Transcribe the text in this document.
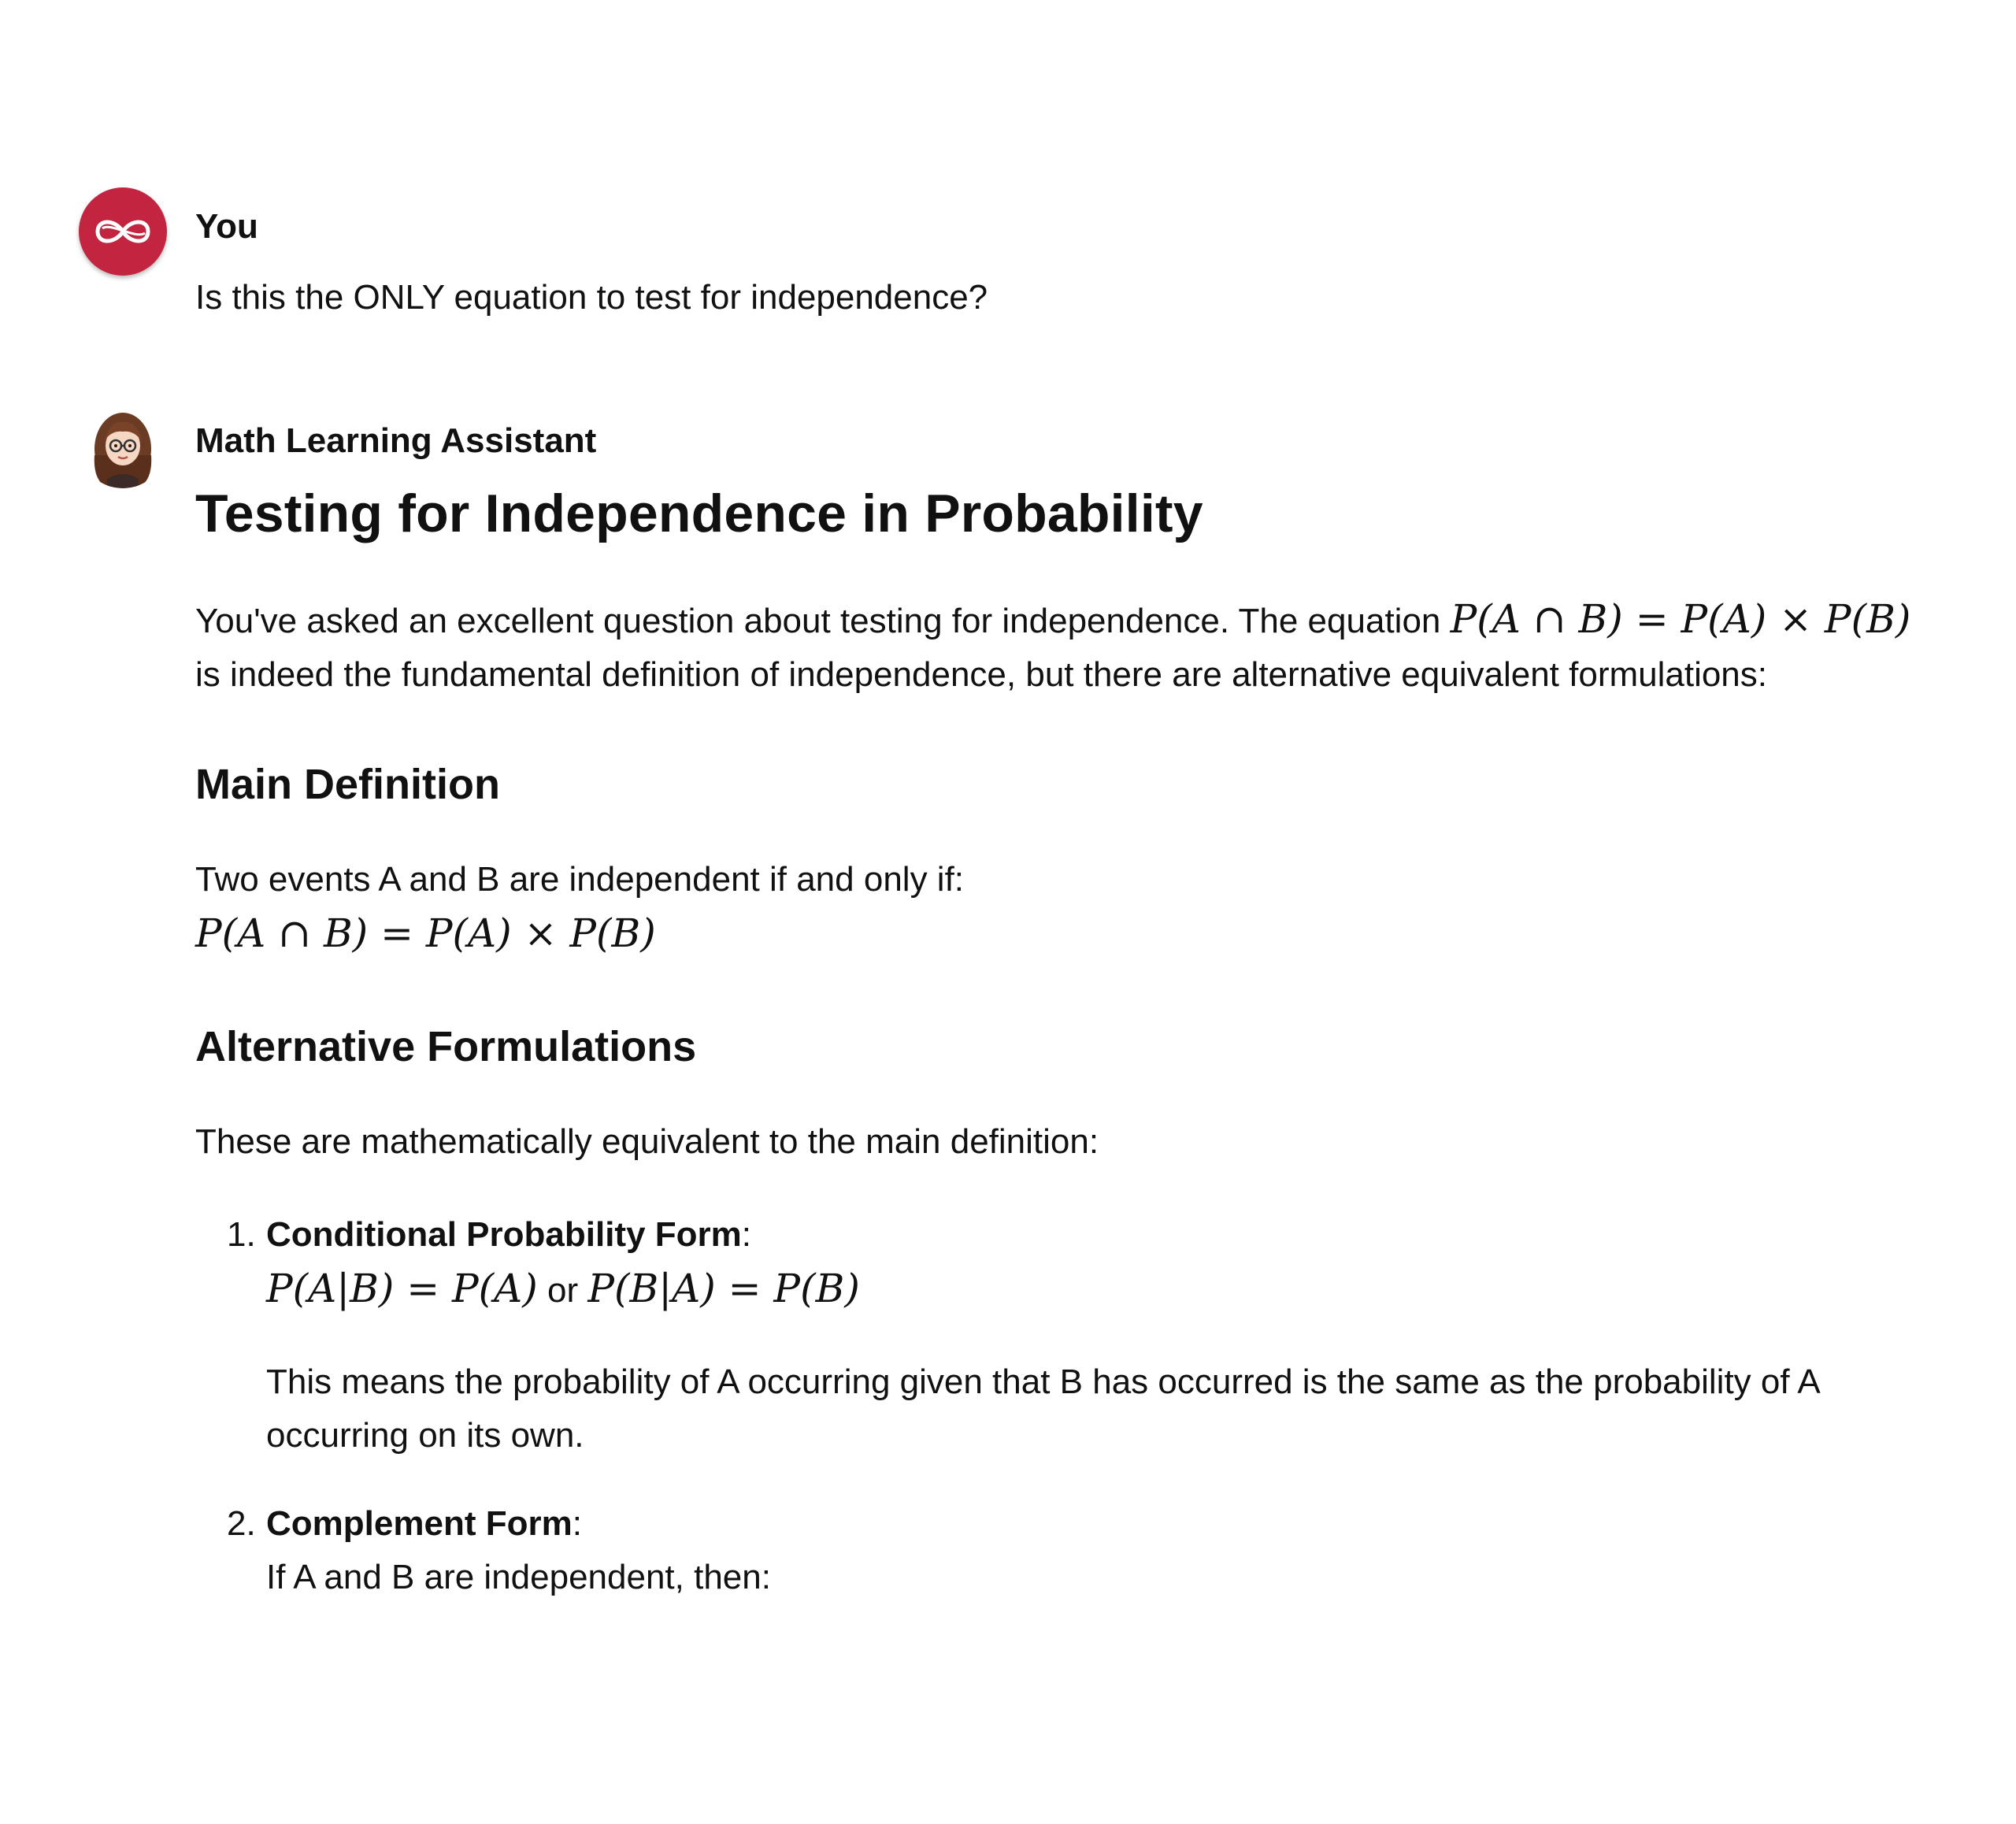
You
Is this the ONLY equation to test for independence?
Math Learning Assistant
Testing for Independence in Probability

You've asked an excellent question about testing for independence. The equation P(A ∩ B) = P(A) × P(B) is indeed the fundamental definition of independence, but there are alternative equivalent formulations:

Main Definition

Two events A and B are independent if and only if:

P(A ∩ B) = P(A) × P(B)

Alternative Formulations

These are mathematically equivalent to the main definition:

1. Conditional Probability Form:

P(A|B) = P(A) or P(B|A) = P(B)

This means the probability of A occurring given that B has occurred is the same as the probability of A occurring on its own.

2. Complement Form:

If A and B are independent, then:
